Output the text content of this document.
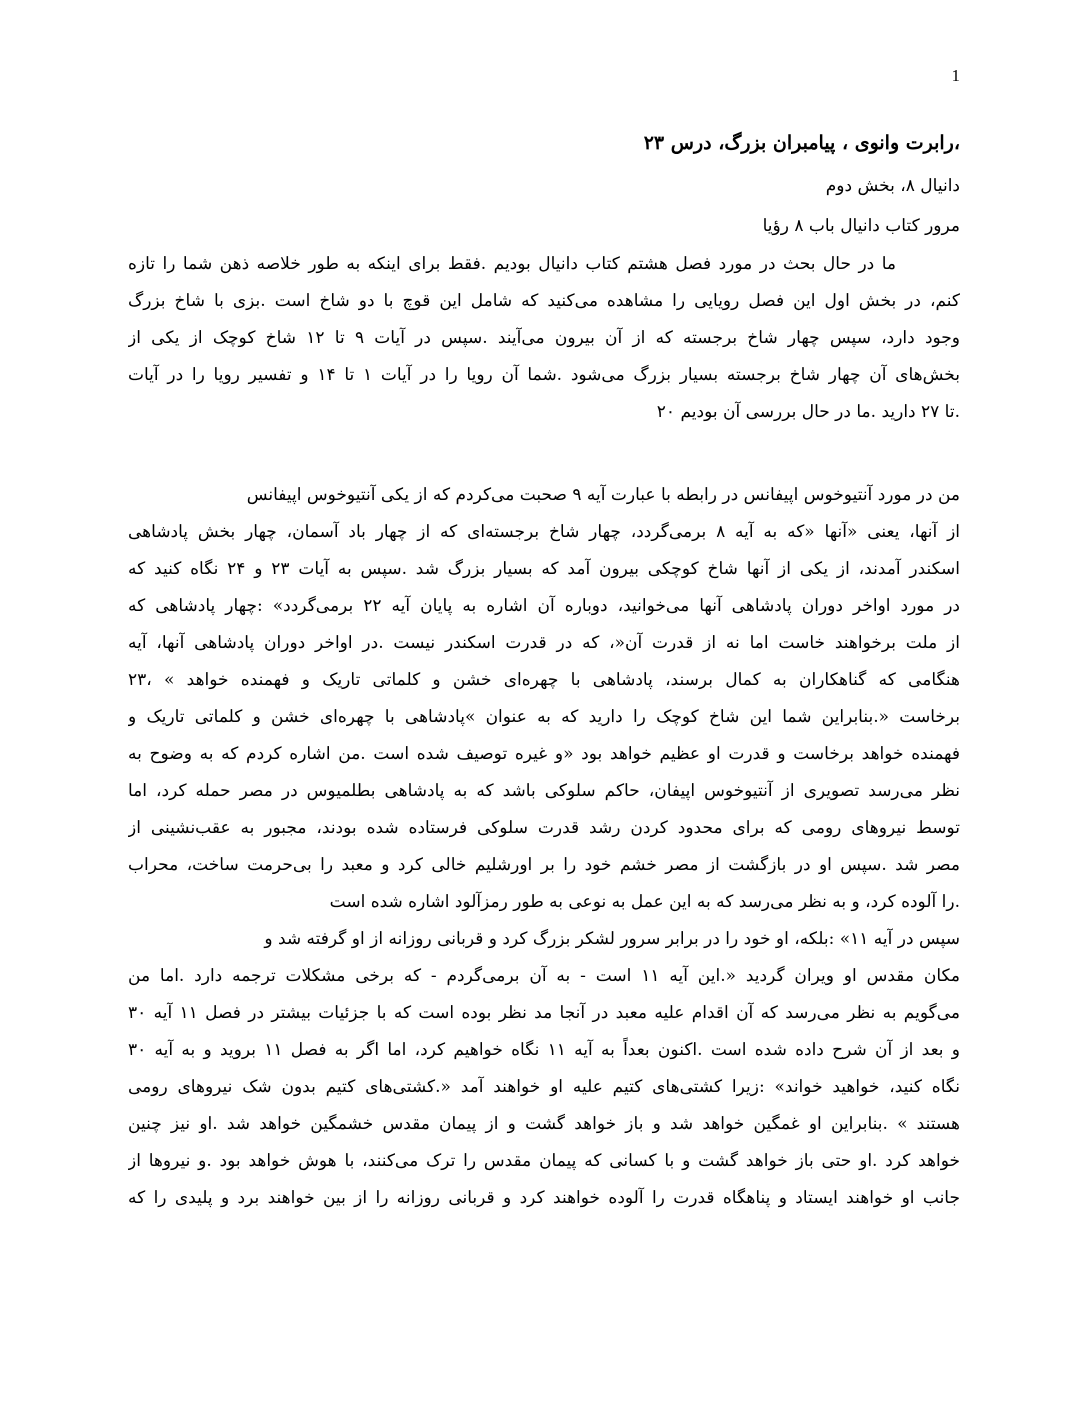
1

،رابرت وانوی ، پیامبران بزرگ، درس ۲۳

دانیال ۸، بخش دوم

مرور کتاب دانیال باب ۸ رؤیا

ما در حال بحث در مورد فصل هشتم کتاب دانیال بودیم .فقط برای اینکه به طور خلاصه ذهن شما را تازه
کنم، در بخش اول این فصل رویایی را مشاهده می‌کنید که شامل این قوچ با دو شاخ است .بزی با شاخ بزرگ
وجود دارد، سپس چهار شاخ برجسته که از آن بیرون می‌آیند .سپس در آیات ۹ تا ۱۲ شاخ کوچک از یکی از
بخش‌های آن چهار شاخ برجسته بسیار بزرگ می‌شود .شما آن رویا را در آیات ۱ تا ۱۴ و تفسیر رویا را در آیات
.تا ۲۷ دارید .ما در حال بررسی آن بودیم ۲۰
من در مورد آنتیوخوس اپیفانس در رابطه با عبارت آیه ۹ صحبت می‌کردم که از یکی آنتیوخوس اپیفانس
از آنها، یعنی «آنها «که به آیه ۸ برمی‌گردد، چهار شاخ برجسته‌ای که از چهار باد آسمان، چهار بخش پادشاهی
اسکندر آمدند، از یکی از آنها شاخ کوچکی بیرون آمد که بسیار بزرگ شد .سپس به آیات ۲۳ و ۲۴ نگاه کنید که
در مورد اواخر دوران پادشاهی آنها می‌خوانید، دوباره آن اشاره به پایان آیه ۲۲ برمی‌گردد» :چهار پادشاهی که
از ملت برخواهند خاست اما نه از قدرت آن«، که در قدرت اسکندر نیست .در اواخر دوران پادشاهی آنها، آیه
هنگامی که گناهکاران به کمال برسند، پادشاهی با چهره‌ای خشن و کلماتی تاریک و فهمنده خواهد » ،۲۳
برخاست «.بنابراین شما این شاخ کوچک را دارید که به عنوان »پادشاهی با چهره‌ای خشن و کلماتی تاریک و
فهمنده خواهد برخاست و قدرت او عظیم خواهد بود «و غیره توصیف شده است .من اشاره کردم که به وضوح به
نظر می‌رسد تصویری از آنتیوخوس اپیفان، حاکم سلوکی باشد که به پادشاهی بطلمیوس در مصر حمله کرد، اما
توسط نیروهای رومی که برای محدود کردن رشد قدرت سلوکی فرستاده شده بودند، مجبور به عقب‌نشینی از
مصر شد .سپس او در بازگشت از مصر خشم خود را بر اورشلیم خالی کرد و معبد را بی‌حرمت ساخت، محراب
.را آلوده کرد، و به نظر می‌رسد که به این عمل به نوعی به طور رمزآلود اشاره شده است
سپس در آیه ۱۱» :بلکه، او خود را در برابر سرور لشکر بزرگ کرد و قربانی روزانه از او گرفته شد و
مکان مقدس او ویران گردید «.این آیه ۱۱ است - به آن برمی‌گردم - که برخی مشکلات ترجمه دارد .اما من
می‌گویم به نظر می‌رسد که آن اقدام علیه معبد در آنجا مد نظر بوده است که با جزئیات بیشتر در فصل ۱۱ آیه ۳۰
و بعد از آن شرح داده شده است .اکنون بعداً به آیه ۱۱ نگاه خواهیم کرد، اما اگر به فصل ۱۱ بروید و به آیه ۳۰
نگاه کنید، خواهید خواند» :زیرا کشتی‌های کتیم علیه او خواهند آمد «.کشتی‌های کتیم بدون شک نیروهای رومی
هستند » .بنابراین او غمگین خواهد شد و باز خواهد گشت و از پیمان مقدس خشمگین خواهد شد .او نیز چنین
خواهد کرد .او حتی باز خواهد گشت و با کسانی که پیمان مقدس را ترک می‌کنند، با هوش خواهد بود .و نیروها از
جانب او خواهند ایستاد و پناهگاه قدرت را آلوده خواهند کرد و قربانی روزانه را از بین خواهند برد و پلیدی را که
